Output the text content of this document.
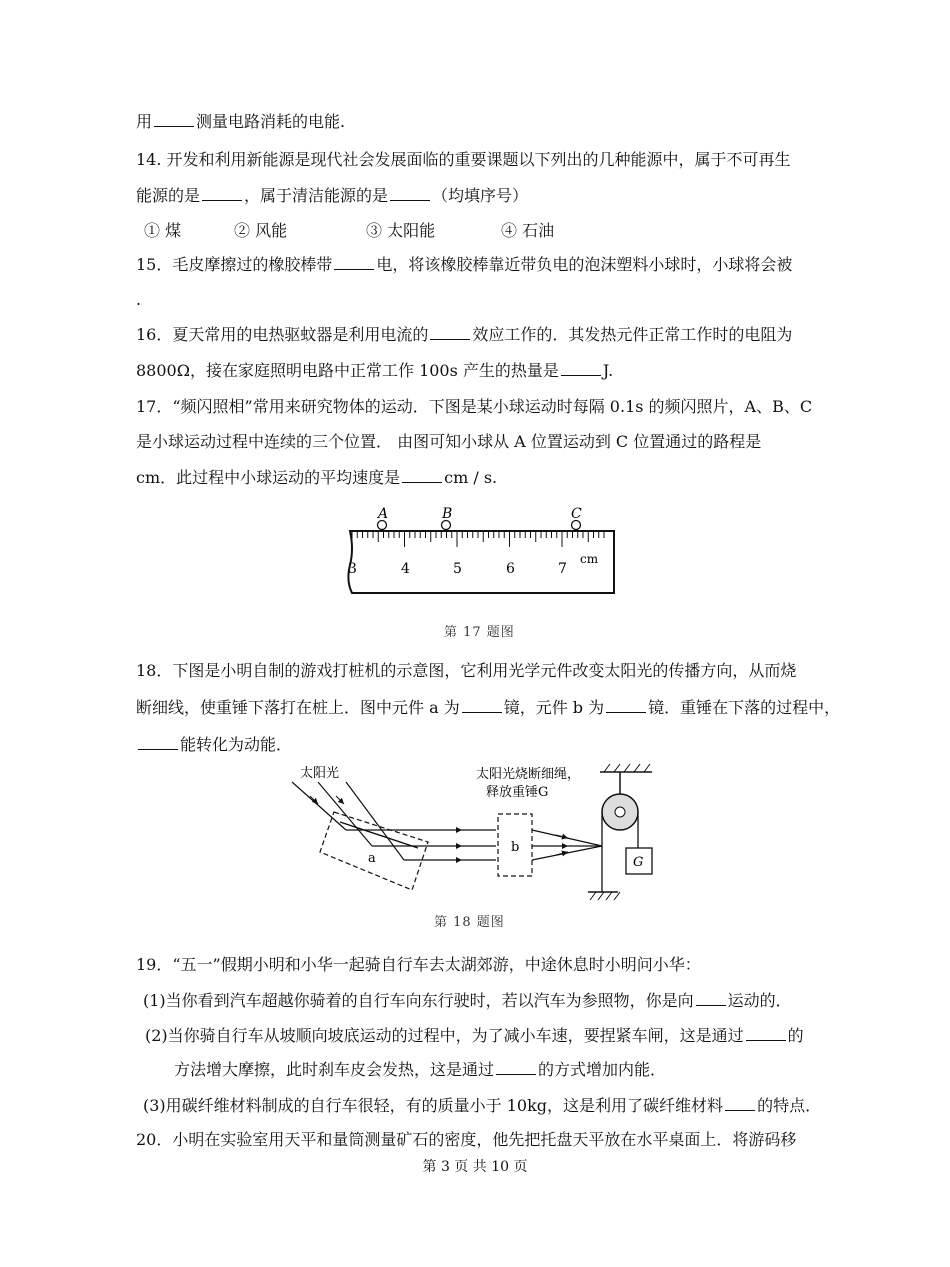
用	测量电路消耗的电能.
14. 开发和利用新能源是现代社会发展面临的重要课题以下列出的几种能源中，属于不可再生
能源的是	，属于清洁能源的是	（均填序号）
① 煤	② 风能	③ 太阳能	④ 石油
15．毛皮摩擦过的橡胶棒带	电，将该橡胶棒靠近带负电的泡沫塑料小球时，小球将会被
.
16．夏天常用的电热驱蚊器是利用电流的	效应工作的．其发热元件正常工作时的电阻为
8800Ω，接在家庭照明电路中正常工作 100s 产生的热量是	J.
17．“频闪照相”常用来研究物体的运动．下图是某小球运动时每隔 0.1s 的频闪照片，A、B、C
是小球运动过程中连续的三个位置． 由图可知小球从 A 位置运动到 C 位置通过的路程是
cm．此过程中小球运动的平均速度是	cm / s.
A	B	C
3	4	5	6	7
cm
第 17 题图
18．下图是小明自制的游戏打桩机的示意图，它利用光学元件改变太阳光的传播方向，从而烧
断细线，使重锤下落打在桩上．图中元件 a 为	镜，元件 b 为	镜．重锤在下落的过程中，
能转化为动能．
太阳光
a
b
太阳光烧断细绳，
释放重锤G
G
第 18 题图
19．“五一”假期小明和小华一起骑自行车去太湖郊游，中途休息时小明问小华：
(1)当你看到汽车超越你骑着的自行车向东行驶时，若以汽车为参照物，你是向 运动的．
(2)当你骑自行车从坡顺向坡底运动的过程中，为了减小车速，要捏紧车闸，这是通过	的
方法增大摩擦，此时刹车皮会发热，这是通过	的方式增加内能．
(3)用碳纤维材料制成的自行车很轻，有的质量小于 10kg，这是利用了碳纤维材料 的特点．
20．小明在实验室用天平和量筒测量矿石的密度，他先把托盘天平放在水平桌面上．将游码移
第 3 页 共 10 页
